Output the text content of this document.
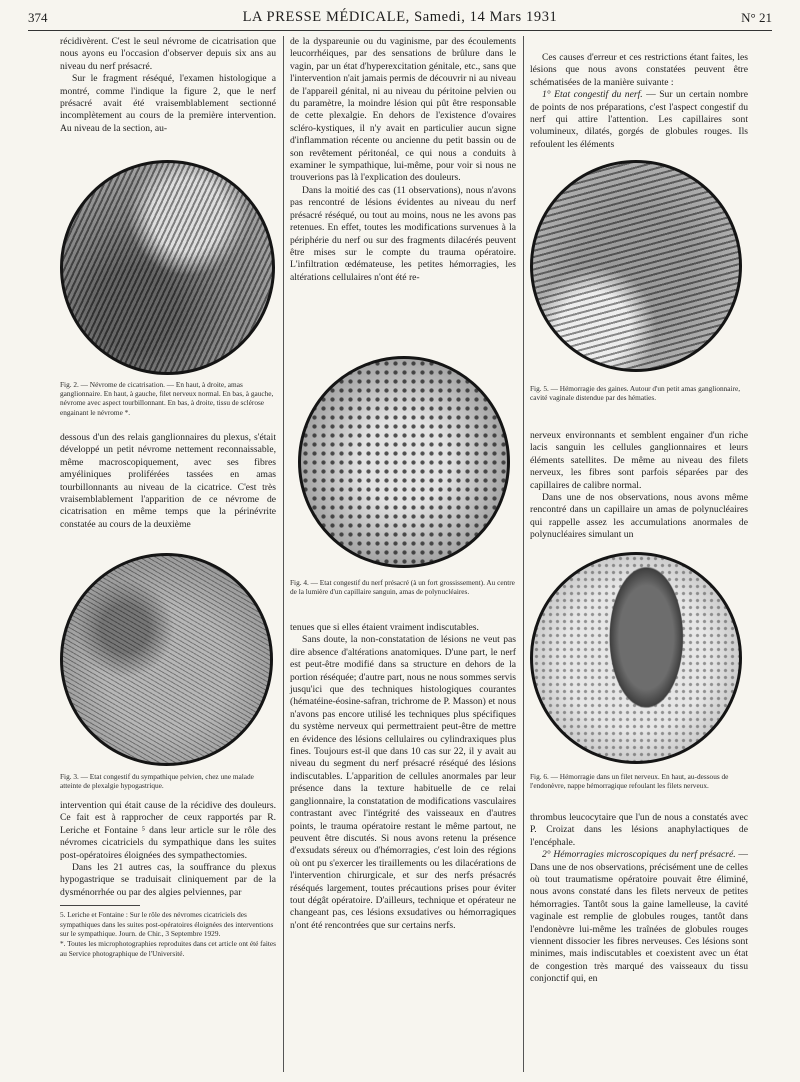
374	LA PRESSE MÉDICALE, Samedi, 14 Mars 1931	N° 21

récidivèrent. C'est le seul névrome de cicatrisation que nous ayons eu l'occasion d'observer depuis six ans au niveau du nerf présacré.

Sur le fragment réséqué, l'examen histologique a montré, comme l'indique la figure 2, que le nerf présacré avait été vraisemblablement sectionné incomplètement au cours de la première intervention. Au niveau de la section, au-

Fig. 2. — Névrome de cicatrisation. — En haut, à droite, amas ganglionnaire. En haut, à gauche, filet nerveux normal. En bas, à gauche, névrome avec aspect tourbillonnant. En bas, à droite, tissu de sclérose engainant le névrome *.

dessous d'un des relais ganglionnaires du plexus, s'était développé un petit névrome nettement reconnaissable, même macroscopiquement, avec ses fibres amyéliniques proliférées tassées en amas tourbillonnants au niveau de la cicatrice. C'est très vraisemblablement l'apparition de ce névrome de cicatrisation en même temps que la périnévrite constatée au cours de la deuxième

Fig. 3. — Etat congestif du sympathique pelvien, chez une malade atteinte de plexalgie hypogastrique.

intervention qui était cause de la récidive des douleurs. Ce fait est à rapprocher de ceux rapportés par R. Leriche et Fontaine ⁵ dans leur article sur le rôle des névromes cicatriciels du sympathique dans les suites post-opératoires éloignées des sympathectomies.

Dans les 21 autres cas, la souffrance du plexus hypogastrique se traduisait cliniquement par de la dysménorrhée ou par des algies pelviennes, par

5. Leriche et Fontaine : Sur le rôle des névromes cicatriciels des sympathiques dans les suites post-opératoires éloignées des interventions sur le sympathique. Journ. de Chir., 3 Septembre 1929.

*. Toutes les microphotographies reproduites dans cet article ont été faites au Service photographique de l'Université.

de la dyspareunie ou du vaginisme, par des écoulements leucorrhéiques, par des sensations de brûlure dans le vagin, par un état d'hyperexcitation génitale, etc., sans que l'intervention n'ait jamais permis de découvrir ni au niveau de l'appareil génital, ni au niveau du péritoine pelvien ou du paramètre, la moindre lésion qui pût être responsable de cette plexalgie. En dehors de l'existence d'ovaires scléro-kystiques, il n'y avait en particulier aucun signe d'inflammation récente ou ancienne du petit bassin ou de son revêtement péritonéal, ce qui nous a conduits à examiner le sympathique, lui-même, pour voir si nous ne trouverions pas là l'explication des douleurs.

Dans la moitié des cas (11 observations), nous n'avons pas rencontré de lésions évidentes au niveau du nerf présacré réséqué, ou tout au moins, nous ne les avons pas retenues. En effet, toutes les modifications survenues à la périphérie du nerf ou sur des fragments dilacérés peuvent être mises sur le compte du trauma opératoire. L'infiltration œdémateuse, les petites hémorragies, les altérations cellulaires n'ont été re-

Fig. 4. — Etat congestif du nerf présacré (à un fort grossissement). Au centre de la lumière d'un capillaire sanguin, amas de polynucléaires.

tenues que si elles étaient vraiment indiscutables.

Sans doute, la non-constatation de lésions ne veut pas dire absence d'altérations anatomiques. D'une part, le nerf est peut-être modifié dans sa structure en dehors de la portion réséquée; d'autre part, nous ne nous sommes servis jusqu'ici que des techniques histologiques courantes (hématéine-éosine-safran, trichrome de P. Masson) et nous n'avons pas encore utilisé les techniques plus spécifiques du système nerveux qui permettraient peut-être de mettre en évidence des lésions cellulaires ou cylindraxiques plus fines. Toujours est-il que dans 10 cas sur 22, il y avait au niveau du segment du nerf présacré réséqué des lésions indiscutables. L'apparition de cellules anormales par leur présence dans la texture habituelle de ce relai ganglionnaire, la constatation de modifications vasculaires contrastant avec l'intégrité des vaisseaux en d'autres points, le trauma opératoire restant le même partout, ne peuvent être discutés. Si nous avons retenu la présence d'exsudats séreux ou d'hémorragies, c'est loin des régions où ont pu s'exercer les tiraillements ou les dilacérations de l'intervention chirurgicale, et sur des nerfs présacrés réséqués largement, toutes précautions prises pour éviter tout dégât opératoire. D'ailleurs, technique et opérateur ne changeant pas, ces lésions exsudatives ou hémorragiques n'ont été rencontrées que sur certains nerfs.

Ces causes d'erreur et ces restrictions étant faites, les lésions que nous avons constatées peuvent être schématisées de la manière suivante :

1° Etat congestif du nerf. — Sur un certain nombre de points de nos préparations, c'est l'aspect congestif du nerf qui attire l'attention. Les capillaires sont volumineux, dilatés, gorgés de globules rouges. Ils refoulent les éléments

Fig. 5. — Hémorragie des gaines. Autour d'un petit amas ganglionnaire, cavité vaginale distendue par des hématies.

nerveux environnants et semblent engainer d'un riche lacis sanguin les cellules ganglionnaires et leurs éléments satellites. De même au niveau des filets nerveux, les fibres sont parfois séparées par des capillaires de calibre normal.

Dans une de nos observations, nous avons même rencontré dans un capillaire un amas de polynucléaires qui rappelle assez les accumulations anormales de polynucléaires simulant un

Fig. 6. — Hémorragie dans un filet nerveux. En haut, au-dessous de l'endonèvre, nappe hémorragique refoulant les filets nerveux.

thrombus leucocytaire que l'un de nous a constatés avec P. Croizat dans les lésions anaphylactiques de l'encéphale.

2° Hémorragies microscopiques du nerf présacré. — Dans une de nos observations, précisément une de celles où tout traumatisme opératoire pouvait être éliminé, nous avons constaté dans les filets nerveux de petites hémorragies. Tantôt sous la gaine lamelleuse, la cavité vaginale est remplie de globules rouges, tantôt dans l'endonèvre lui-même les traînées de globules rouges viennent dissocier les fibres nerveuses. Ces lésions sont minimes, mais indiscutables et coexistent avec un état de congestion très marqué des vaisseaux du tissu conjonctif qui, en
